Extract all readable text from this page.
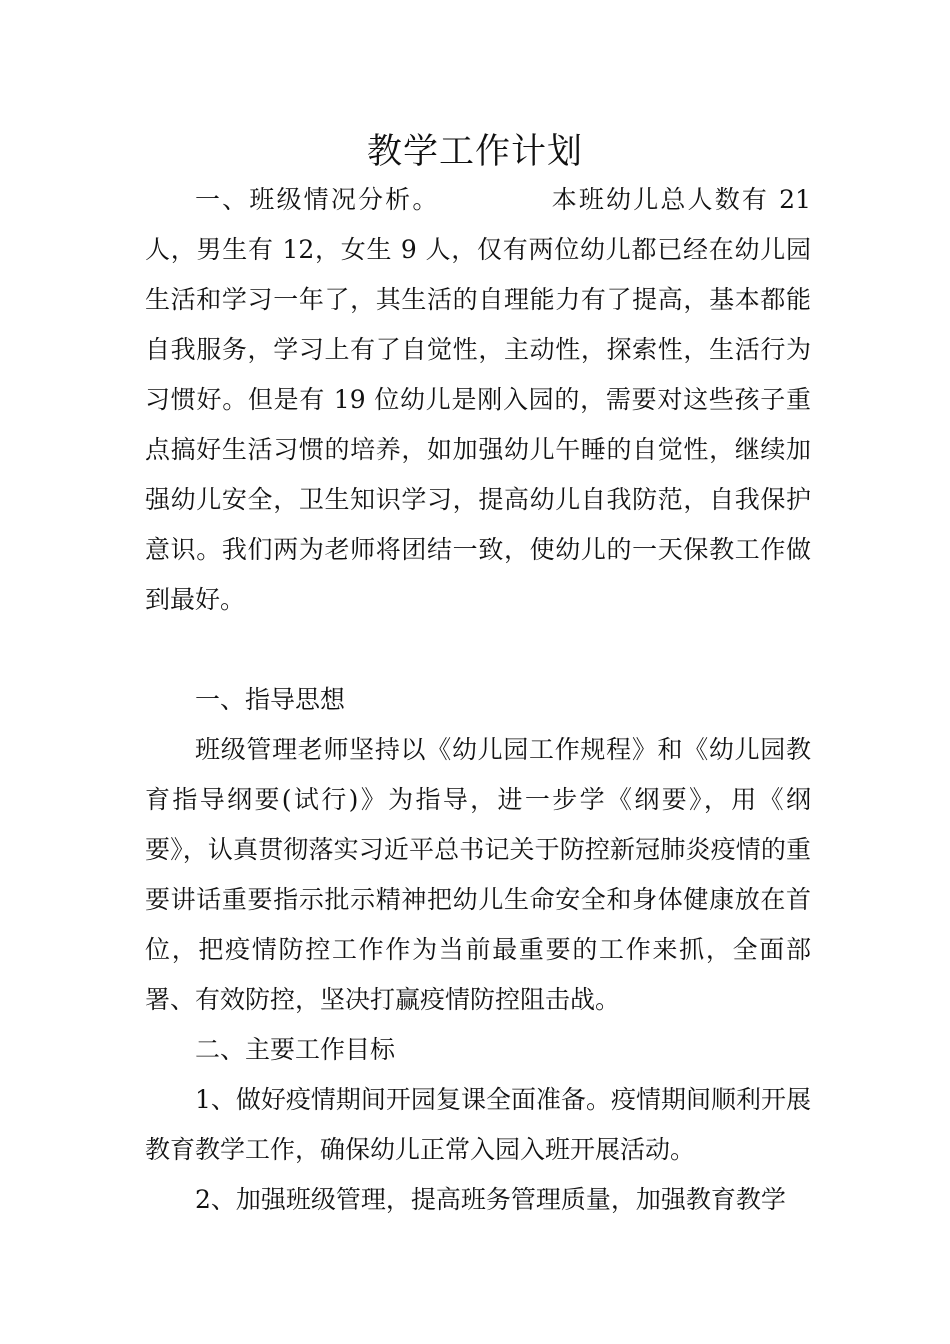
教学工作计划

一、班级情况分析。	本班幼儿总人数有 21 人，男生有 12，女生 9 人，仅有两位幼儿都已经在幼儿园生活和学习一年了，其生活的自理能力有了提高，基本都能自我服务，学习上有了自觉性，主动性，探索性，生活行为习惯好。但是有 19 位幼儿是刚入园的，需要对这些孩子重点搞好生活习惯的培养，如加强幼儿午睡的自觉性，继续加强幼儿安全，卫生知识学习，提高幼儿自我防范，自我保护意识。我们两为老师将团结一致，使幼儿的一天保教工作做到最好。

一、指导思想

班级管理老师坚持以《幼儿园工作规程》和《幼儿园教育指导纲要(试行)》为指导，进一步学《纲要》，用《纲要》，认真贯彻落实习近平总书记关于防控新冠肺炎疫情的重要讲话重要指示批示精神把幼儿生命安全和身体健康放在首位，把疫情防控工作作为当前最重要的工作来抓，全面部署、有效防控，坚决打赢疫情防控阻击战。

二、主要工作目标

1、做好疫情期间开园复课全面准备。疫情期间顺利开展教育教学工作，确保幼儿正常入园入班开展活动。

2、加强班级管理，提高班务管理质量，加强教育教学
